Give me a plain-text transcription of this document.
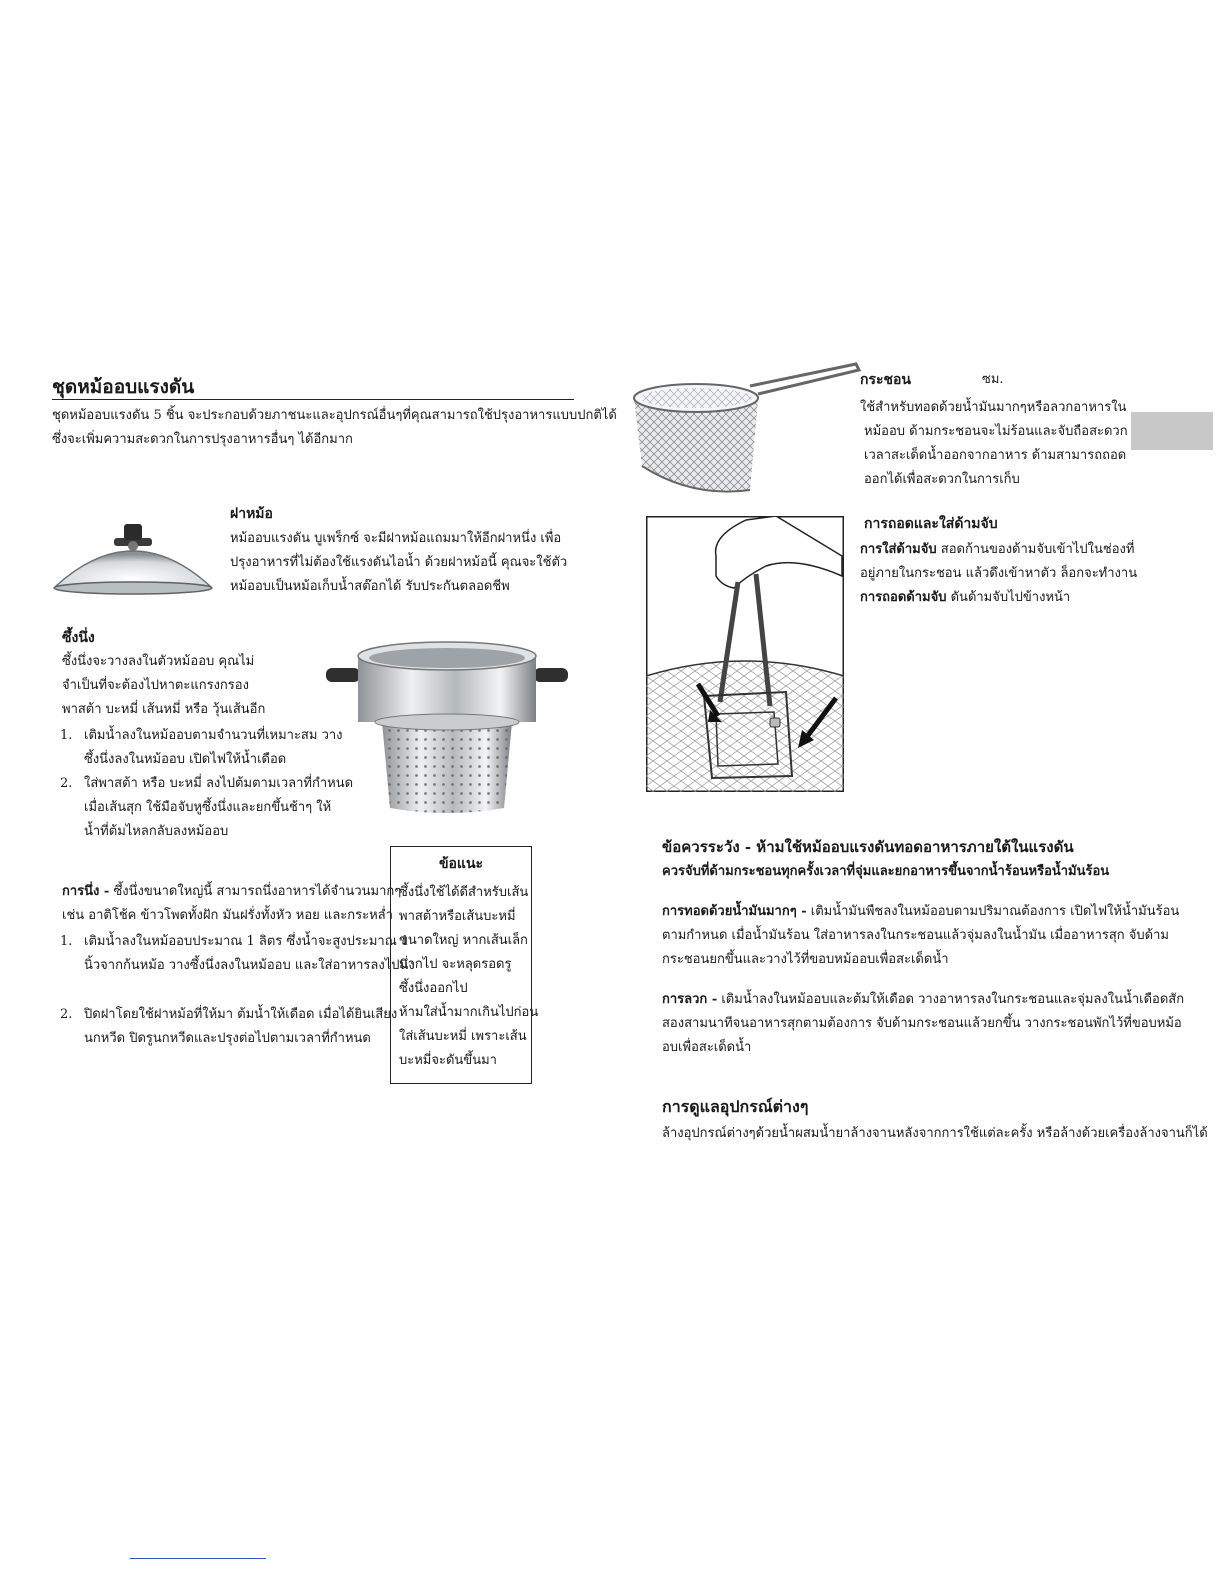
ชุดหม้ออบแรงดัน

ชุดหม้ออบแรงดัน 5 ชิ้น จะประกอบด้วยภาชนะและอุปกรณ์อื่นๆที่คุณสามารถใช้ปรุงอาหารแบบปกติได้

ซึ่งจะเพิ่มความสะดวกในการปรุงอาหารอื่นๆ ได้อีกมาก

ฝาหม้อ

หม้ออบแรงดัน บูเพร็กซ์ จะมีฝาหม้อแถมมาให้อีกฝาหนึ่ง เพื่อ

ปรุงอาหารที่ไม่ต้องใช้แรงดันไอน้ำ ด้วยฝาหม้อนี้ คุณจะใช้ตัว

หม้ออบเป็นหม้อเก็บน้ำสต๊อกได้ รับประกันตลอดชีพ

ซึ้งนึ่ง

ซึ้งนึ่งจะวางลงในตัวหม้ออบ คุณไม่

จำเป็นที่จะต้องไปหาตะแกรงกรอง

พาสต้า บะหมี่ เส้นหมี่ หรือ วุ้นเส้นอีก

1. เติมน้ำลงในหม้ออบตามจำนวนที่เหมาะสม วาง
ซึ้งนึ่งลงในหม้ออบ เปิดไฟให้น้ำเดือด
2. ใส่พาสต้า หรือ บะหมี่ ลงไปต้มตามเวลาที่กำหนด
เมื่อเส้นสุก ใช้มือจับหูซึ้งนึ่งและยกขึ้นช้าๆ ให้
น้ำที่ต้มไหลกลับลงหม้ออบ

การนึ่ง - ซึ้งนึ่งขนาดใหญ่นี้ สามารถนึ่งอาหารได้จำนวนมากๆ

เช่น อาติโช้ค ข้าวโพดทั้งฝัก มันฝรั่งทั้งหัว หอย และกระหล่ำ

1. เติมน้ำลงในหม้ออบประมาณ 1 ลิตร ซึ่งน้ำจะสูงประมาณ 1
นิ้วจากก้นหม้อ วางซึ้งนึ่งลงในหม้ออบ และใส่อาหารลงไปนึ่ง
2. ปิดฝาโดยใช้ฝาหม้อที่ให้มา ต้มน้ำให้เดือด เมื่อได้ยินเสียง
นกหวีด ปิดรูนกหวีดและปรุงต่อไปตามเวลาที่กำหนด

ข้อแนะ

ซึ้งนึ่งใช้ได้ดีสำหรับเส้น

พาสต้าหรือเส้นบะหมี่

ขนาดใหญ่ หากเส้นเล็ก

มากไป จะหลุดรอดรู

ซึ้งนึ่งออกไป

ห้ามใส่น้ำมากเกินไปก่อน

ใส่เส้นบะหมี่ เพราะเส้น

บะหมี่จะดันขึ้นมา

กระชอน	ซม.

ใช้สำหรับทอดด้วยน้ำมันมากๆหรือลวกอาหารใน

หม้ออบ ด้ามกระชอนจะไม่ร้อนและจับถือสะดวก

เวลาสะเด็ดน้ำออกจากอาหาร ด้ามสามารถถอด

ออกได้เพื่อสะดวกในการเก็บ

การถอดและใส่ด้ามจับ

การใส่ด้ามจับ สอดก้านของด้ามจับเข้าไปในช่องที่

อยู่ภายในกระชอน แล้วดึงเข้าหาตัว ล็อกจะทำงาน

การถอดด้ามจับ ดันด้ามจับไปข้างหน้า

ข้อควรระวัง - ห้ามใช้หม้ออบแรงดันทอดอาหารภายใต้ในแรงดัน

ควรจับที่ด้ามกระชอนทุกครั้งเวลาที่จุ่มและยกอาหารขึ้นจากน้ำร้อนหรือน้ำมันร้อน

การทอดด้วยน้ำมันมากๆ - เติมน้ำมันพืชลงในหม้ออบตามปริมาณต้องการ เปิดไฟให้น้ำมันร้อน

ตามกำหนด เมื่อน้ำมันร้อน ใส่อาหารลงในกระชอนแล้วจุ่มลงในน้ำมัน เมื่ออาหารสุก จับด้าม

กระชอนยกขึ้นและวางไว้ที่ขอบหม้ออบเพื่อสะเด็ดน้ำ

การลวก - เติมน้ำลงในหม้ออบและต้มให้เดือด วางอาหารลงในกระชอนและจุ่มลงในน้ำเดือดสัก

สองสามนาทีจนอาหารสุกตามต้องการ จับด้ามกระชอนแล้วยกขึ้น วางกระชอนพักไว้ที่ขอบหม้อ

อบเพื่อสะเด็ดน้ำ

การดูแลอุปกรณ์ต่างๆ

ล้างอุปกรณ์ต่างๆด้วยน้ำผสมน้ำยาล้างจานหลังจากการใช้แต่ละครั้ง หรือล้างด้วยเครื่องล้างจานก็ได้
